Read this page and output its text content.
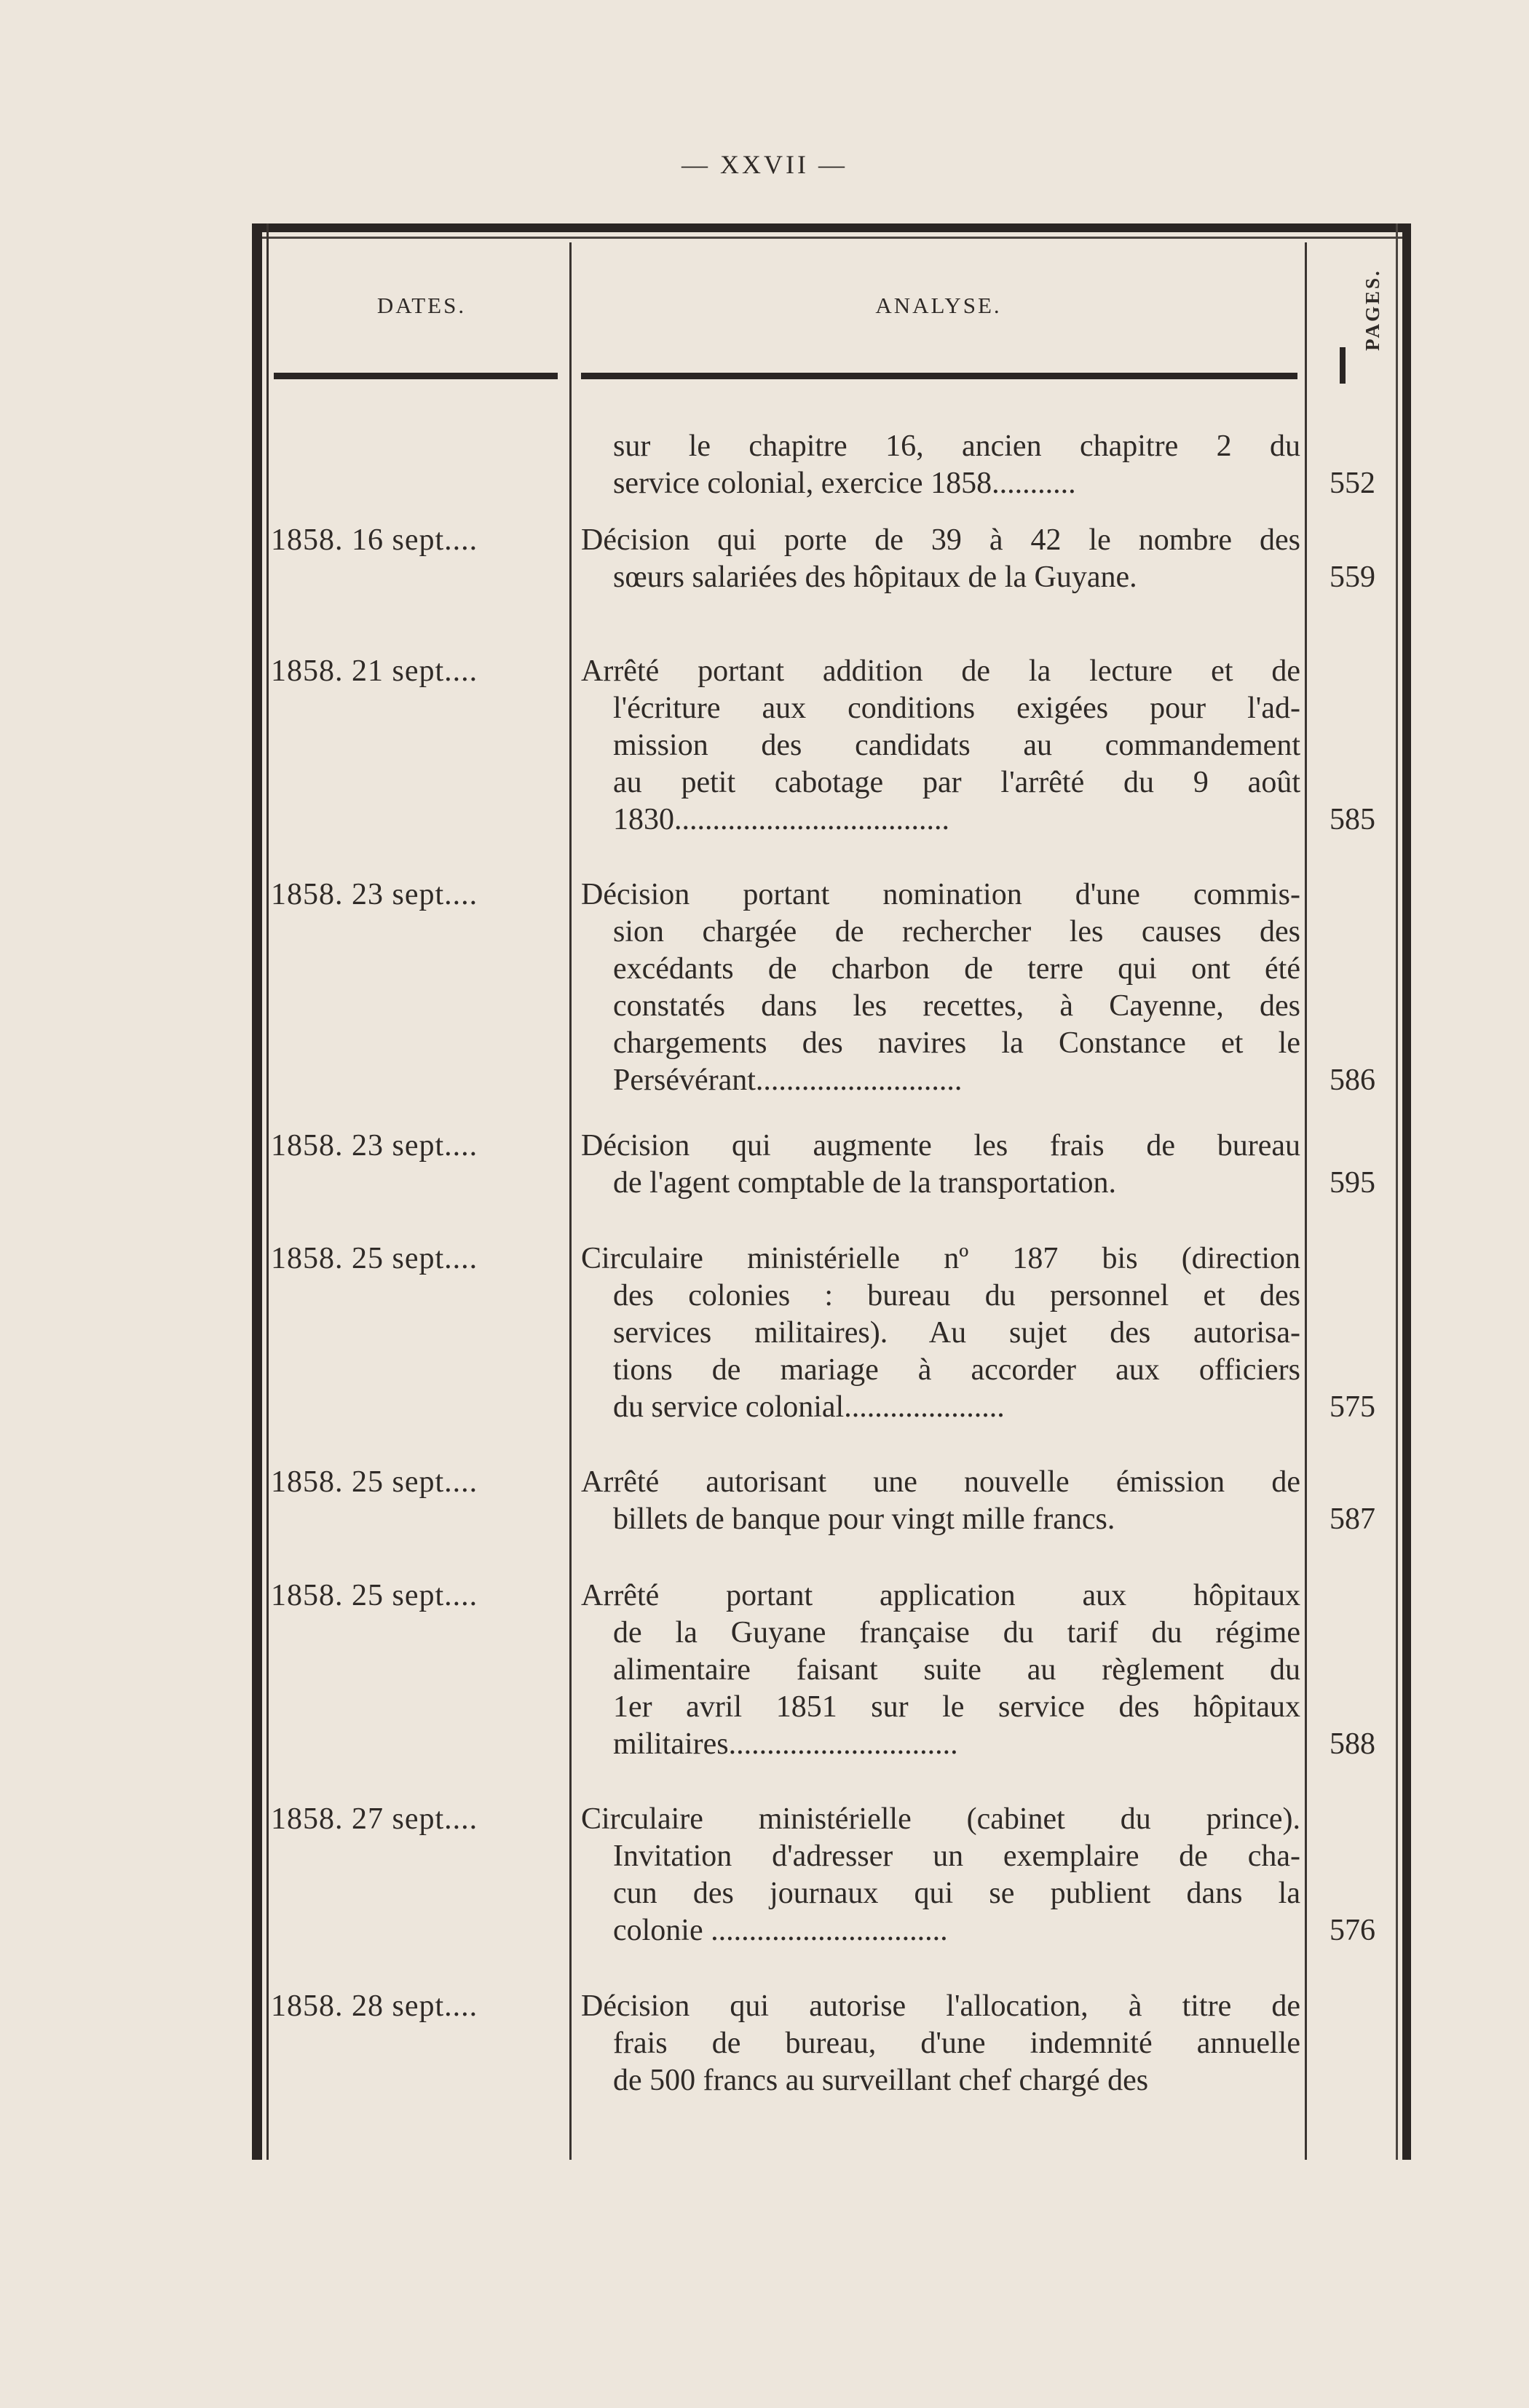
— XXVII —
DATES.	ANALYSE.	PAGES.
sur le chapitre 16, ancien chapitre 2 du
service colonial, exercice 1858...........	552
1858. 16 sept....	Décision qui porte de 39 à 42 le nombre des
sœurs salariées des hôpitaux de la Guyane.	559
1858. 21 sept....	Arrêté portant addition de la lecture et de
l'écriture aux conditions exigées pour l'ad-
mission des candidats au commandement
au petit cabotage par l'arrêté du 9 août
1830....................................	585
1858. 23 sept....	Décision portant nomination d'une commis-
sion chargée de rechercher les causes des
excédants de charbon de terre qui ont été
constatés dans les recettes, à Cayenne, des
chargements des navires la Constance et le
Persévérant...........................	586
1858. 23 sept....	Décision qui augmente les frais de bureau
de l'agent comptable de la transportation.	595
1858. 25 sept....	Circulaire ministérielle nº 187 bis (direction
des colonies : bureau du personnel et des
services militaires). Au sujet des autorisa-
tions de mariage à accorder aux officiers
du service colonial.....................	575
1858. 25 sept....	Arrêté autorisant une nouvelle émission de
billets de banque pour vingt mille francs.	587
1858. 25 sept....	Arrêté portant application aux hôpitaux
de la Guyane française du tarif du régime
alimentaire faisant suite au règlement du
1er avril 1851 sur le service des hôpitaux
militaires..............................	588
1858. 27 sept....	Circulaire ministérielle (cabinet du prince).
Invitation d'adresser un exemplaire de cha-
cun des journaux qui se publient dans la
colonie ...............................	576
1858. 28 sept....	Décision qui autorise l'allocation, à titre de
frais de bureau, d'une indemnité annuelle
de 500 francs au surveillant chef chargé des
